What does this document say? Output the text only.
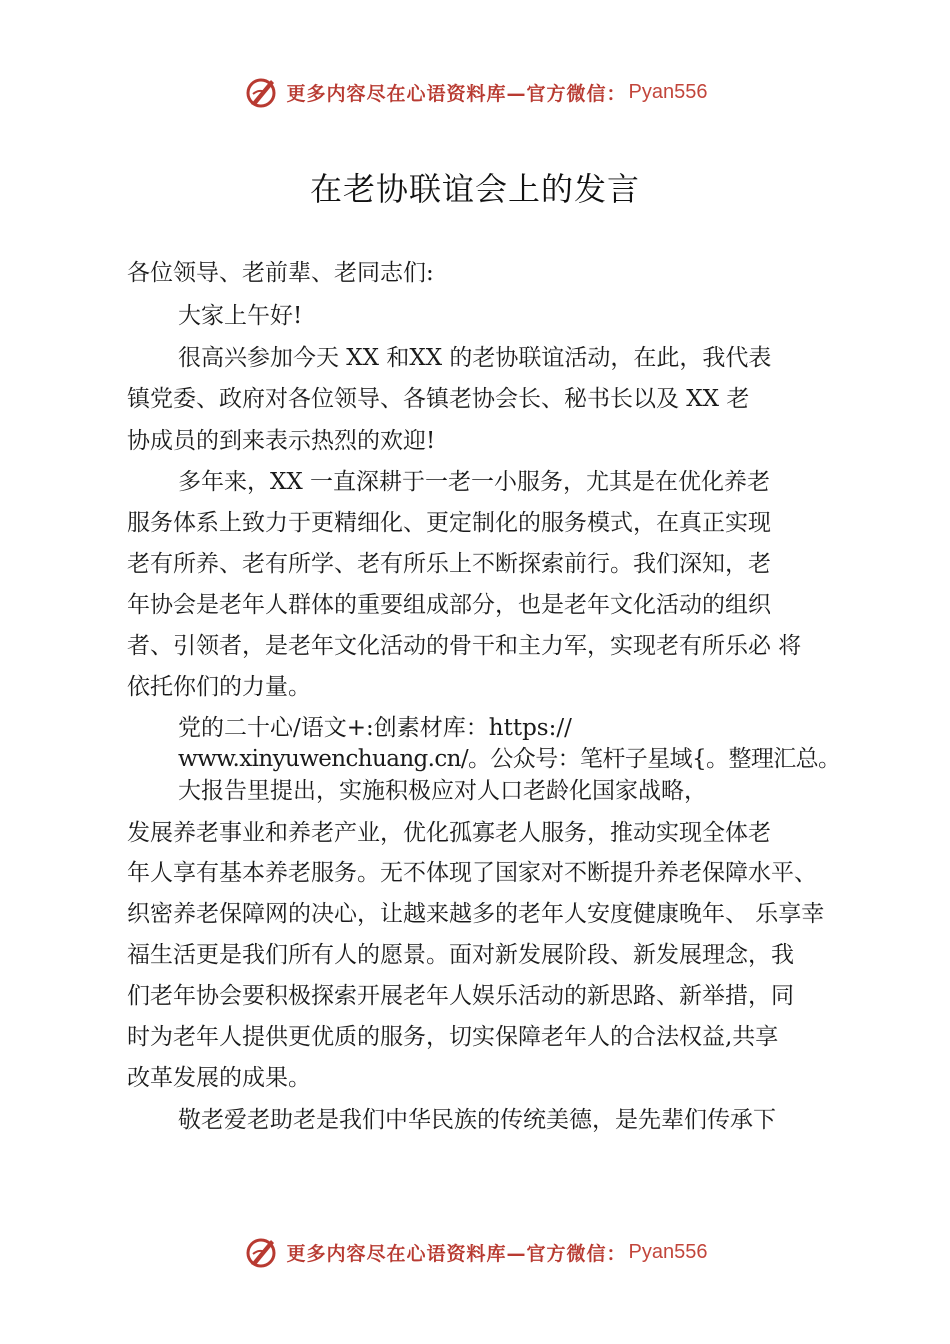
更多内容尽在心语资料库—官方微信： Pyan556
在老协联谊会上的发言
各位领导、老前辈、老同志们:
大家上午好!
很高兴参加今天 XX 和XX 的老协联谊活动，在此，我代表
镇党委、政府对各位领导、各镇老协会长、秘书长以及 XX 老
协成员的到来表示热烈的欢迎!
多年来，XX 一直深耕于一老一小服务，尤其是在优化养老
服务体系上致力于更精细化、更定制化的服务模式，在真正实现
老有所养、老有所学、老有所乐上不断探索前行。我们深知，老
年协会是老年人群体的重要组成部分，也是老年文化活动的组织
者、引领者，是老年文化活动的骨干和主力军，实现老有所乐必 将
依托你们的力量。
党的二十心/语文+:创素材库：https://
www.xinyuwenchuang.cn/。公众号：笔杆子星域{。整理汇总。
大报告里提出，实施积极应对人口老龄化国家战略，
发展养老事业和养老产业，优化孤寡老人服务，推动实现全体老
年人享有基本养老服务。无不体现了国家对不断提升养老保障水平、
织密养老保障网的决心，让越来越多的老年人安度健康晚年、 乐享幸
福生活更是我们所有人的愿景。面对新发展阶段、新发展理念，我
们老年协会要积极探索开展老年人娱乐活动的新思路、新举措，同
时为老年人提供更优质的服务，切实保障老年人的合法权益,共享
改革发展的成果。
敬老爱老助老是我们中华民族的传统美德，是先辈们传承下
更多内容尽在心语资料库—官方微信： Pyan556
